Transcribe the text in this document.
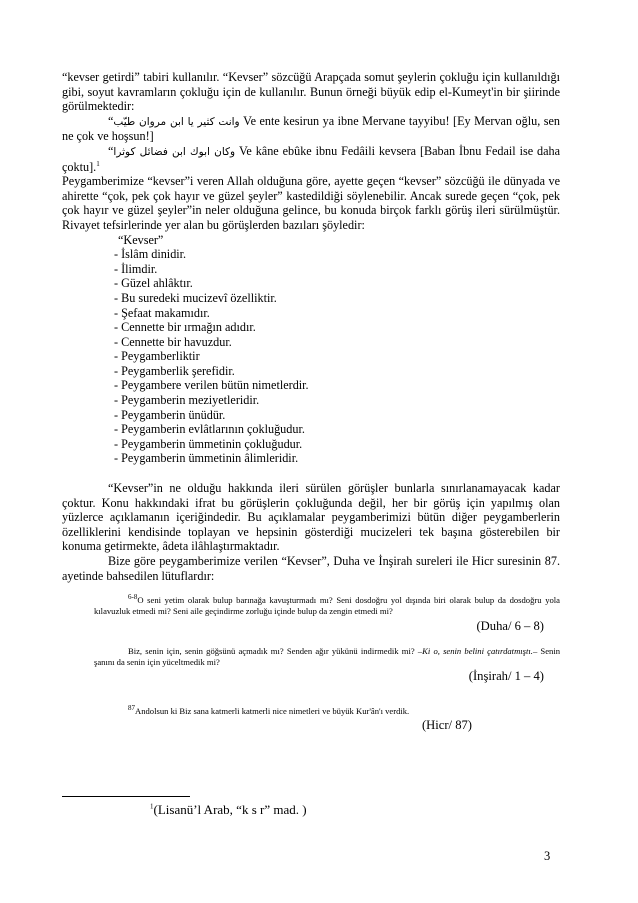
“kevser getirdi” tabiri kullanılır. “Kevser” sözcüğü Arapçada somut şeylerin çokluğu için kullanıldığı gibi, soyut kavramların çokluğu için de kullanılır. Bunun örneği büyük edip el-Kumeyt'in bir şiirinde görülmektedir:

“وانت كثير يا ابن مروان طيّب Ve ente kesirun ya ibne Mervane tayyibu! [Ey Mervan oğlu, sen ne çok ve hoşsun!]

“وكان ابوك ابن فضائل كوثرا Ve kâne ebûke ibnu Fedâili kevsera [Baban İbnu Fedail ise daha çoktu].$^1$

Peygamberimize “kevser”i veren Allah olduğuna göre, ayette geçen “kevser” sözcüğü ile dünyada ve ahirette “çok, pek çok hayır ve güzel şeyler” kastedildiği söylenebilir. Ancak surede geçen “çok, pek çok hayır ve güzel şeyler”in neler olduğuna gelince, bu konuda birçok farklı görüş ileri sürülmüştür. Rivayet tefsirlerinde yer alan bu görüşlerden bazıları şöyledir:

“Kevser”

- İslâm dinidir.
- İlimdir.
- Güzel ahlâktır.
- Bu suredeki mucizevî özelliktir.
- Şefaat makamıdır.
- Cennette bir ırmağın adıdır.
- Cennette bir havuzdur.
- Peygamberliktir
- Peygamberlik şerefidir.
- Peygambere verilen bütün nimetlerdir.
- Peygamberin meziyetleridir.
- Peygamberin ünüdür.
- Peygamberin evlâtlarının çokluğudur.
- Peygamberin ümmetinin çokluğudur.
- Peygamberin ümmetinin âlimleridir.

“Kevser”in ne olduğu hakkında ileri sürülen görüşler bunlarla sınırlanamayacak kadar çoktur. Konu hakkındaki ifrat bu görüşlerin çokluğunda değil, her bir görüş için yapılmış olan yüzlerce açıklamanın içeriğindedir. Bu açıklamalar peygamberimizi bütün diğer peygamberlerin özelliklerini kendisinde toplayan ve hepsinin gösterdiği mucizeleri tek başına gösterebilen bir konuma getirmekte, âdeta ilâhlaştırmaktadır.

Bize göre peygamberimize verilen “Kevser”, Duha ve İnşirah sureleri ile Hicr suresinin 87. ayetinde bahsedilen lütuflardır:

$^{6-8}$O seni yetim olarak bulup barınağa kavuşturmadı mı? Seni dosdoğru yol dışında biri olarak bulup da dosdoğru yola kılavuzluk etmedi mi? Seni aile geçindirme zorluğu içinde bulup da zengin etmedi mi?

(Duha/ 6 – 8)

Biz, senin için, senin göğsünü açmadık mı? Senden ağır yükünü indirmedik mi? –Ki o, senin belini çatırdatmıştı.– Senin şanını da senin için yüceltmedik mi?

(İnşirah/ 1 – 4)

$^{87}$Andolsun ki Biz sana katmerli katmerli nice nimetleri ve büyük Kur'ân'ı verdik.

(Hicr/ 87)

$^1$(Lisanü’l Arab, “k s r” mad. )
3
